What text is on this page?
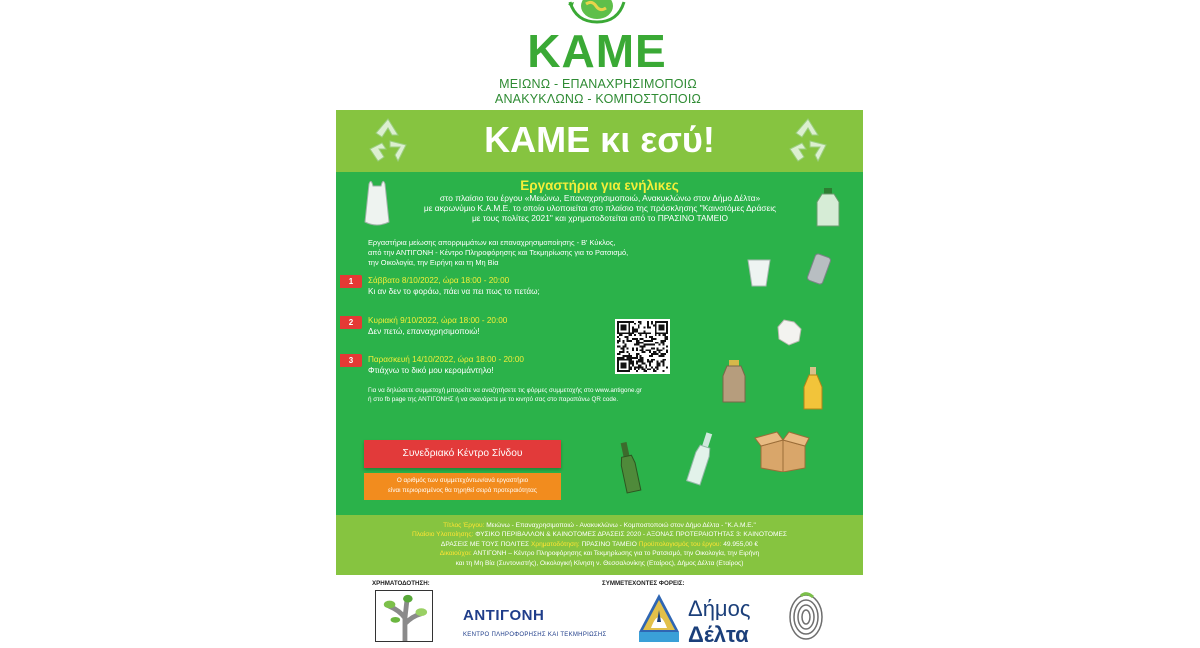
ΚΑΜΕ
ΜΕΙΩΝΩ - ΕΠΑΝΑΧΡΗΣΙΜΟΠΟΙΩ
ΑΝΑΚΥΚΛΩΝΩ - ΚΟΜΠΟΣΤΟΠΟΙΩ
ΚΑΜΕ κι εσύ!
Εργαστήρια για ενήλικες
στο πλαίσιο του έργου «Μειώνω, Επαναχρησιμοποιώ, Ανακυκλώνω στον Δήμο Δέλτα»
με ακρωνύμιο Κ.Α.Μ.Ε. το οποίο υλοποιείται στο πλαίσιο της πρόσκλησης "Καινοτόμες Δράσεις
με τους πολίτες 2021" και χρηματοδοτείται από το ΠΡΑΣΙΝΟ ΤΑΜΕΙΟ
Εργαστήρια μείωσης απορριμμάτων και επαναχρησιμοποίησης - Β' Κύκλος,
από την ΑΝΤΙΓΟΝΗ - Κέντρο Πληροφόρησης και Τεκμηρίωσης για το Ρατσισμό,
την Οικολογία, την Ειρήνη και τη Μη Βία
1	Σάββατο 8/10/2022, ώρα 18:00 - 20:00
Κι αν δεν το φοράω, πάει να πει πως το πετάω;
2	Κυριακή 9/10/2022, ώρα 18:00 - 20:00
Δεν πετώ, επαναχρησιμοποιώ!
3	Παρασκευή 14/10/2022, ώρα 18:00 - 20:00
Φτιάχνω το δικό μου κεροµάντηλο!
Για να δηλώσετε συμμετοχή μπορείτε να αναζητήσετε τις φόρμες συμμετοχής στο www.antigone.gr
ή στο fb page της ΑΝΤΙΓΟΝΗΣ ή να σκανάρετε με το κινητό σας στο παραπάνω QR code.
Συνεδριακό Κέντρο Σίνδου
Ο αριθμός των συμμετεχόντων/ανά εργαστήριο
είναι περιορισμένος θα τηρηθεί σειρά προτεραιότητας
Τίτλος Έργου: Μειώνω - Επαναχρησιμοποιώ - Ανακυκλώνω - Κομποστοποιώ στον Δήμο Δέλτα - "Κ.Α.Μ.Ε."
Πλαίσιο Υλοποίησης: ΦΥΣΙΚΟ ΠΕΡΙΒΑΛΛΟΝ & ΚΑΙΝΟΤΟΜΕΣ ΔΡΑΣΕΙΣ 2020 - ΑΞΟΝΑΣ ΠΡΟΤΕΡΑΙΟΤΗΤΑΣ 3: ΚΑΙΝΟΤΟΜΕΣ
ΔΡΑΣΕΙΣ ΜΕ ΤΟΥΣ ΠΟΛΙΤΕΣ Χρηματοδότηση: ΠΡΑΣΙΝΟ ΤΑΜΕΙΟ Προϋπολογισμός του έργου: 49.955,00 €
Δικαιούχοι: ΑΝΤΙΓΟΝΗ – Κέντρο Πληροφόρησης και Τεκμηρίωσης για το Ρατσισμό, την Οικολογία, την Ειρήνη
και τη Μη Βία (Συντονιστής), Οικολογική Κίνηση ν. Θεσσαλονίκης (Εταίρος), Δήμος Δέλτα (Εταίρος)
ΧΡΗΜΑΤΟΔΟΤΗΣΗ:	ΣΥΜΜΕΤΕΧΟΝΤΕΣ ΦΟΡΕΙΣ:
ΑΝΤΙΓΟΝΗ
ΚΕΝΤΡΟ ΠΛΗΡΟΦΟΡΗΣΗΣ ΚΑΙ ΤΕΚΜΗΡΙΩΣΗΣ
Δήμος
Δέλτα
